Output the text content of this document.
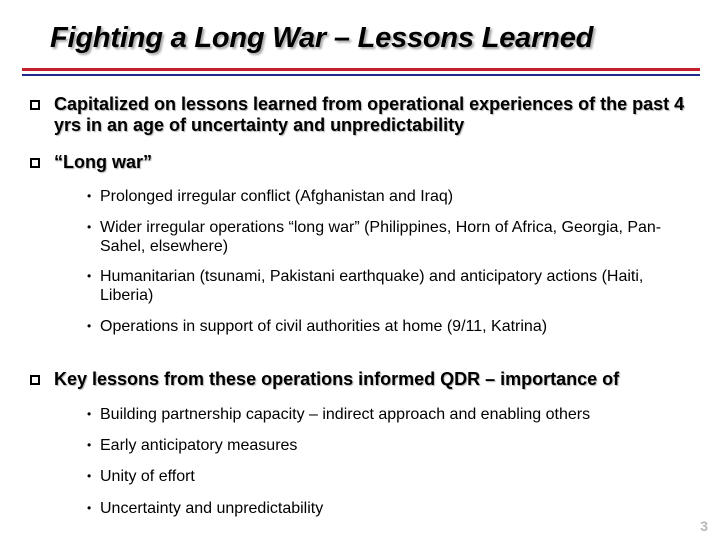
Fighting a Long War – Lessons Learned
Capitalized on lessons learned from operational experiences of the past 4 yrs in an age of uncertainty and unpredictability
“Long war”
• Prolonged irregular conflict (Afghanistan and Iraq)
• Wider irregular operations “long war” (Philippines, Horn of Africa, Georgia, Pan-Sahel, elsewhere)
• Humanitarian (tsunami, Pakistani earthquake) and anticipatory actions (Haiti, Liberia)
• Operations in support of civil authorities at home (9/11, Katrina)
Key lessons from these operations informed QDR – importance of
• Building partnership capacity – indirect approach and enabling others
• Early anticipatory measures
• Unity of effort
• Uncertainty and unpredictability
3
